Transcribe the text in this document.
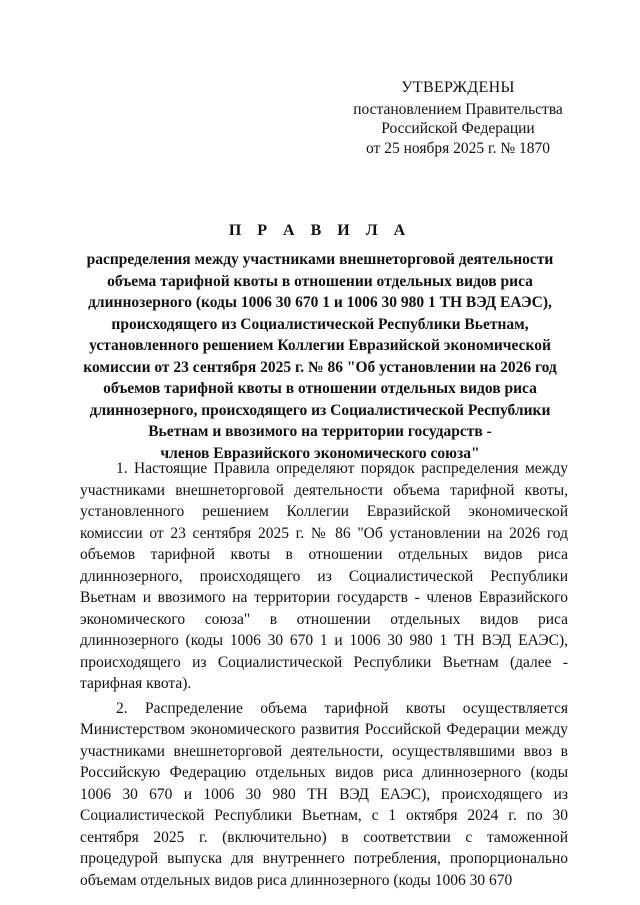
УТВЕРЖДЕНЫ
постановлением Правительства
Российской Федерации
от 25 ноября 2025 г. № 1870
П Р А В И Л А
распределения между участниками внешнеторговой деятельности
объема тарифной квоты в отношении отдельных видов риса
длиннозерного (коды 1006 30 670 1 и 1006 30 980 1 ТН ВЭД ЕАЭС),
происходящего из Социалистической Республики Вьетнам,
установленного решением Коллегии Евразийской экономической
комиссии от 23 сентября 2025 г. № 86 "Об установлении на 2026 год
объемов тарифной квоты в отношении отдельных видов риса
длиннозерного, происходящего из Социалистической Республики
Вьетнам и ввозимого на территории государств -
членов Евразийского экономического союза"

1. Настоящие Правила определяют порядок распределения между участниками внешнеторговой деятельности объема тарифной квоты, установленного решением Коллегии Евразийской экономической комиссии от 23 сентября 2025 г. № 86 "Об установлении на 2026 год объемов тарифной квоты в отношении отдельных видов риса длиннозерного, происходящего из Социалистической Республики Вьетнам и ввозимого на территории государств - членов Евразийского экономического союза" в отношении отдельных видов риса длиннозерного (коды 1006 30 670 1 и 1006 30 980 1 ТН ВЭД ЕАЭС), происходящего из Социалистической Республики Вьетнам (далее - тарифная квота).

2. Распределение объема тарифной квоты осуществляется Министерством экономического развития Российской Федерации между участниками внешнеторговой деятельности, осуществлявшими ввоз в Российскую Федерацию отдельных видов риса длиннозерного (коды 1006 30 670 и 1006 30 980 ТН ВЭД ЕАЭС), происходящего из Социалистической Республики Вьетнам, с 1 октября 2024 г. по 30 сентября 2025 г. (включительно) в соответствии с таможенной процедурой выпуска для внутреннего потребления, пропорционально объемам отдельных видов риса длиннозерного (коды 1006 30 670
